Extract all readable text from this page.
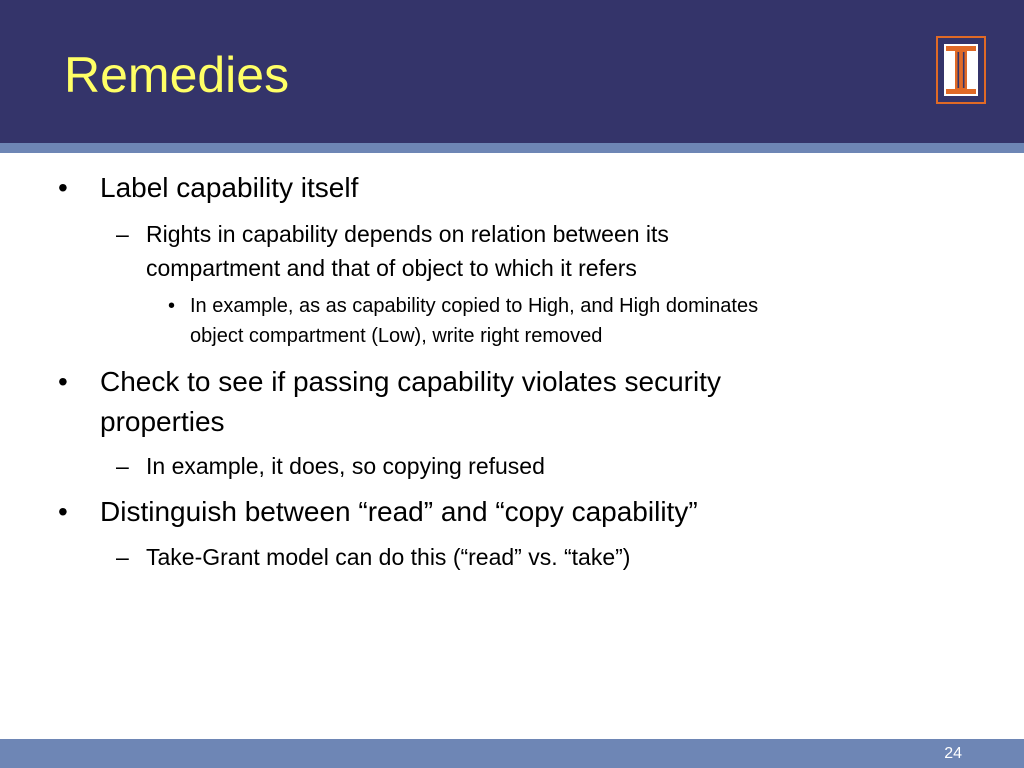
Remedies
• Label capability itself
– Rights in capability depends on relation between its
compartment and that of object to which it refers
• In example, as as capability copied to High, and High dominates
object compartment (Low), write right removed
• Check to see if passing capability violates security
properties
– In example, it does, so copying refused
• Distinguish between “read” and “copy capability”
– Take-Grant model can do this (“read” vs. “take”)
24
